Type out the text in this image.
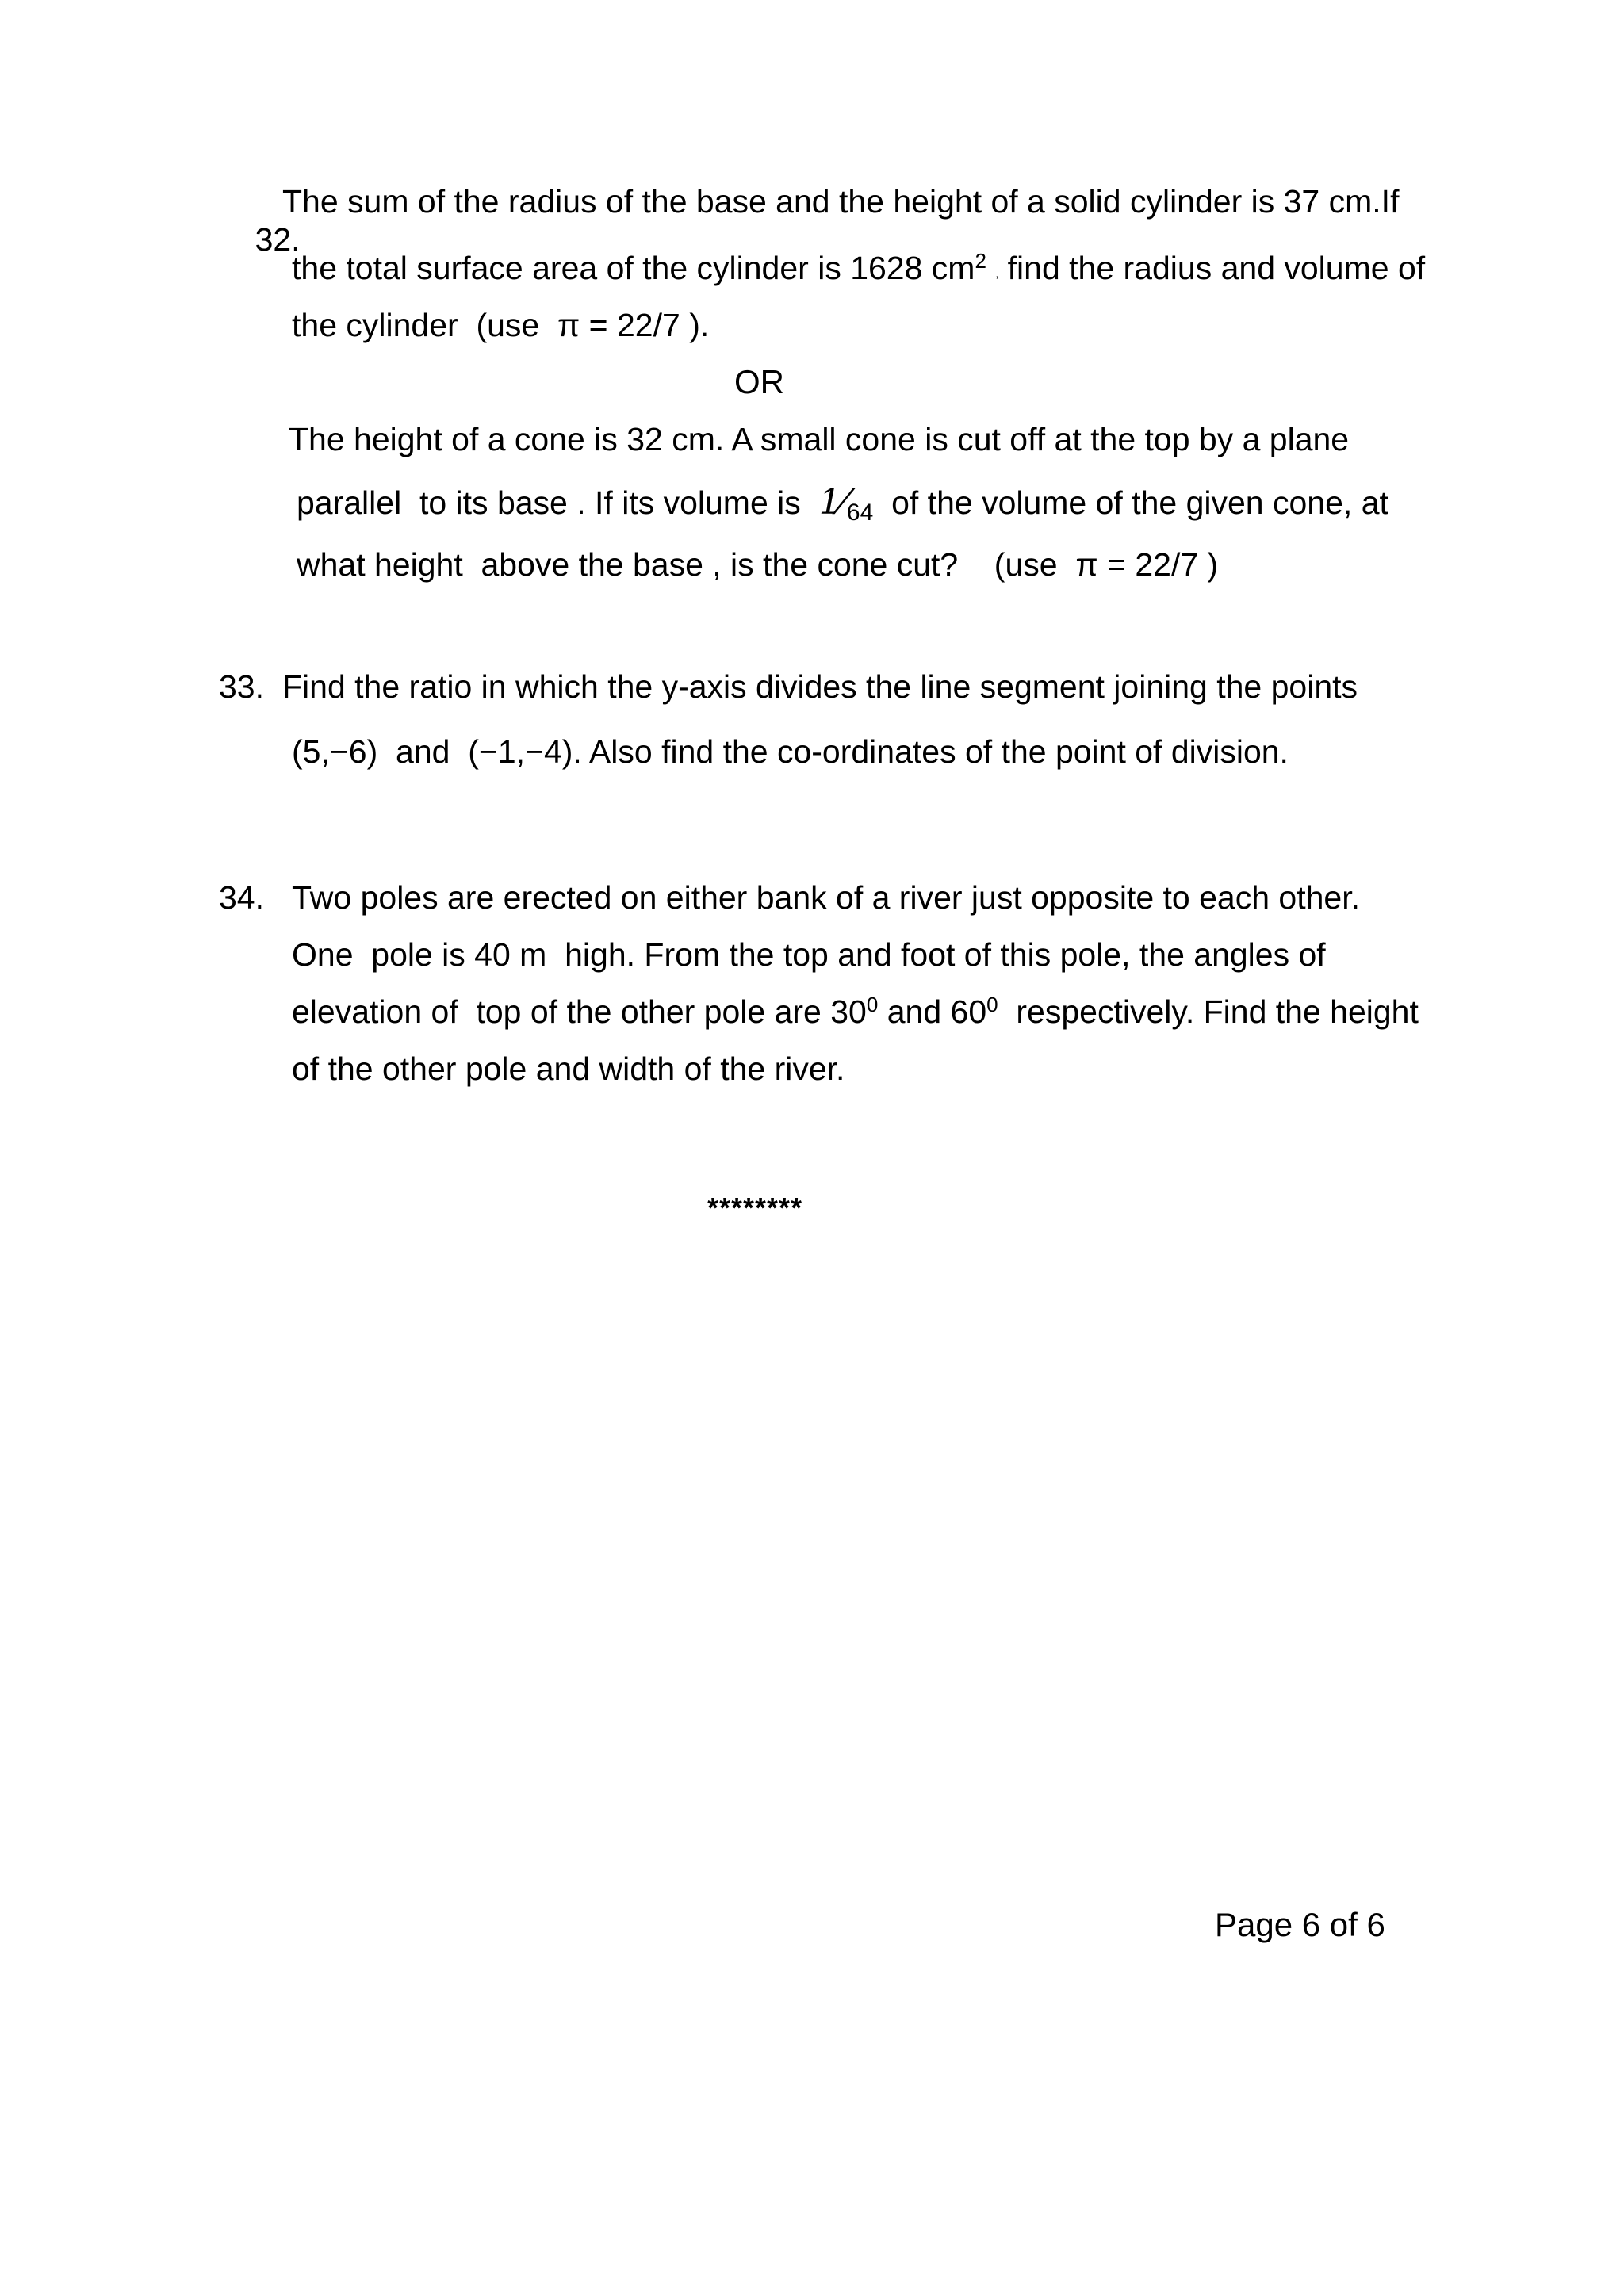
32.

The sum of the radius of the base and the height of a solid cylinder is 37 cm.If
the total surface area of the cylinder is 1628 $cm^2$ , find the radius and volume of
the cylinder  (use  π = 22/7 ).
OR
The height of a cone is 32 cm. A small cone is cut off at the top by a plane
parallel  to its base . If its volume is 1⁄64 of the volume of the given cone, at
what height  above the base , is the cone cut?    (use  π = 22/7 )
33. Find the ratio in which the y-axis divides the line segment joining the points
(5,−6)  and  (−1,−4). Also find the co-ordinates of the point of division.
34. Two poles are erected on either bank of a river just opposite to each other.
One  pole is 40 m  high. From the top and foot of this pole, the angles of
elevation of  top of the other pole are $30^0$ and $60^0$ respectively. Find the height
of the other pole and width of the river.
********
Page 6 of 6
